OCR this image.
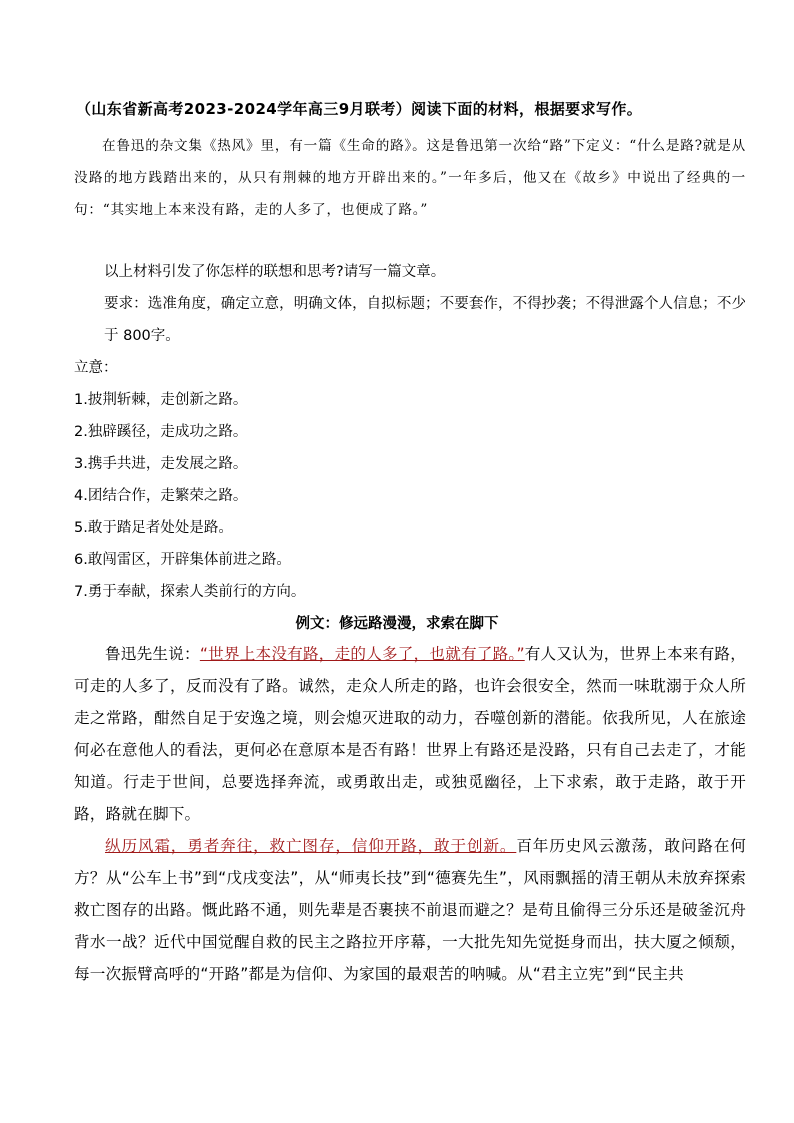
（山东省新高考2023-2024学年高三9月联考）阅读下面的材料，根据要求写作。

在鲁迅的杂文集《热风》里，有一篇《生命的路》。这是鲁迅第一次给“路”下定义：“什么是路?就是从没路的地方践踏出来的，从只有荆棘的地方开辟出来的。”一年多后，他又在《故乡》中说出了经典的一句：“其实地上本来没有路，走的人多了，也便成了路。”

以上材料引发了你怎样的联想和思考?请写一篇文章。

要求：选准角度，确定立意，明确文体，自拟标题；不要套作，不得抄袭；不得泄露个人信息；不少于 800字。

立意：
1.披荆斩棘，走创新之路。
2.独辟蹊径，走成功之路。
3.携手共进，走发展之路。
4.团结合作，走繁荣之路。
5.敢于踏足者处处是路。
6.敢闯雷区，开辟集体前进之路。
7.勇于奉献，探索人类前行的方向。
例文：修远路漫漫，求索在脚下

鲁迅先生说：“世界上本没有路，走的人多了，也就有了路。”有人又认为，世界上本来有路，可走的人多了，反而没有了路。诚然，走众人所走的路，也许会很安全，然而一味耽溺于众人所走之常路，酣然自足于安逸之境，则会熄灭进取的动力，吞噬创新的潜能。依我所见，人在旅途何必在意他人的看法，更何必在意原本是否有路！世界上有路还是没路，只有自己去走了，才能知道。行走于世间，总要选择奔流，或勇敢出走，或独觅幽径，上下求索，敢于走路，敢于开路，路就在脚下。

纵历风霜，勇者奔往，救亡图存，信仰开路，敢于创新。百年历史风云激荡，敢问路在何方？从“公车上书”到“戊戌变法”，从“师夷长技”到“德赛先生”，风雨飘摇的清王朝从未放弃探索救亡图存的出路。慨此路不通，则先辈是否裹挟不前退而避之？是苟且偷得三分乐还是破釜沉舟背水一战？近代中国觉醒自救的民主之路拉开序幕，一大批先知先觉挺身而出，扶大厦之倾颓，每一次振臂高呼的“开路”都是为信仰、为家国的最艰苦的呐喊。从“君主立宪”到“民主共
